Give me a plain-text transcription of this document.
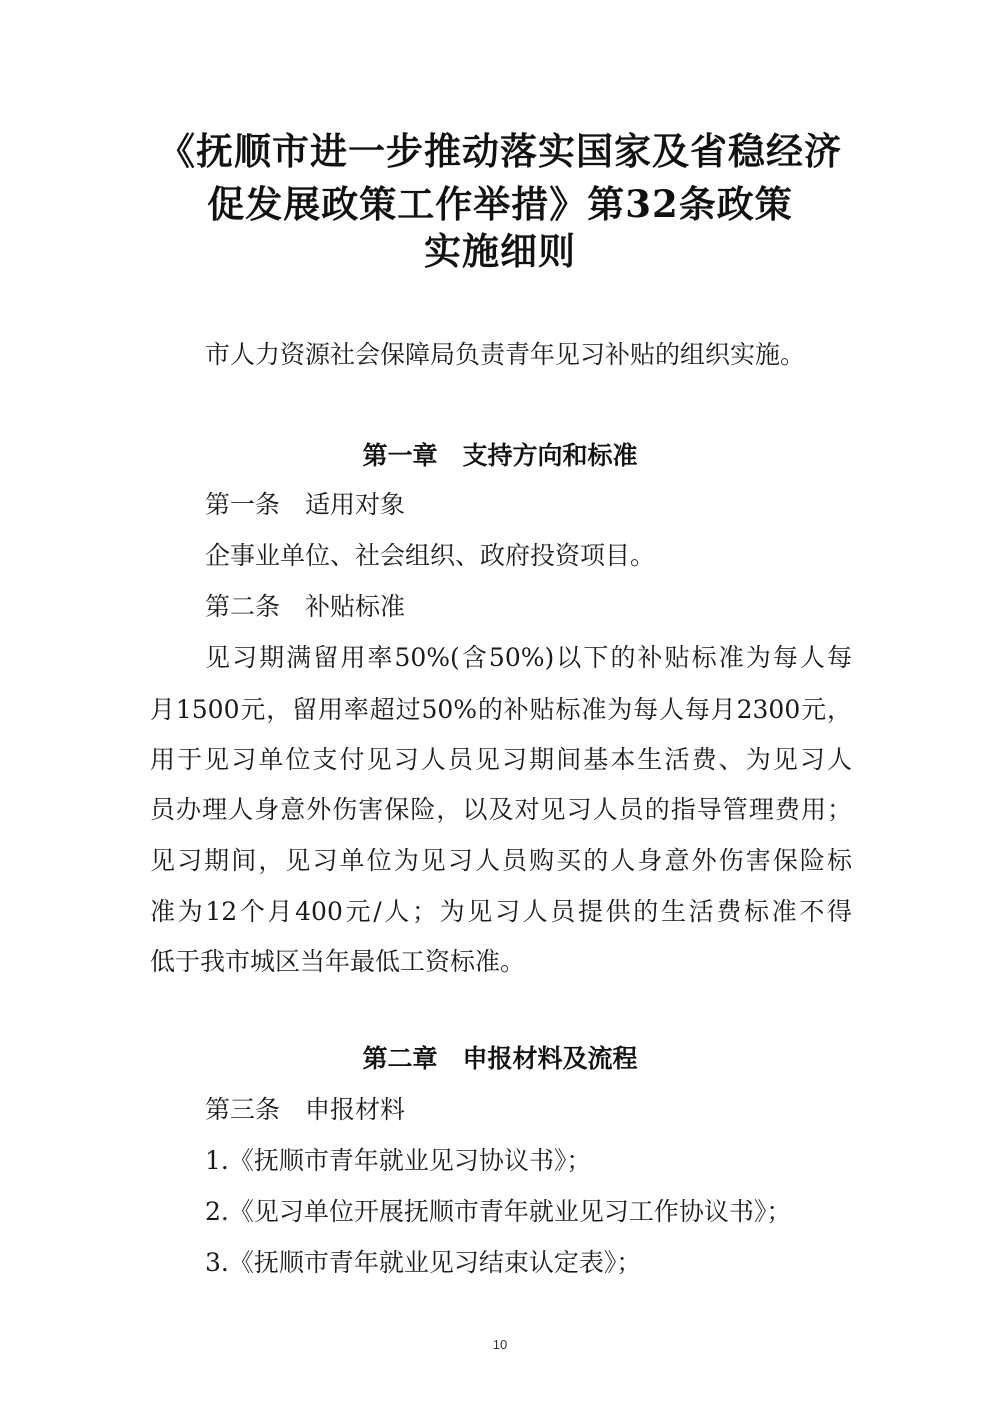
《抚顺市进一步推动落实国家及省稳经济
促发展政策工作举措》第32条政策
实施细则
市人力资源社会保障局负责青年见习补贴的组织实施。
第一章　支持方向和标准
第一条　适用对象
企事业单位、社会组织、政府投资项目。
第二条　补贴标准
见习期满留用率50%(含50%)以下的补贴标准为每人每
月1500元，留用率超过50%的补贴标准为每人每月2300元，
用于见习单位支付见习人员见习期间基本生活费、为见习人
员办理人身意外伤害保险，以及对见习人员的指导管理费用；
见习期间，见习单位为见习人员购买的人身意外伤害保险标
准为12个月400元/人；为见习人员提供的生活费标准不得
低于我市城区当年最低工资标准。
第二章　申报材料及流程
第三条　申报材料
1.《抚顺市青年就业见习协议书》；
2.《见习单位开展抚顺市青年就业见习工作协议书》；
3.《抚顺市青年就业见习结束认定表》；
10
